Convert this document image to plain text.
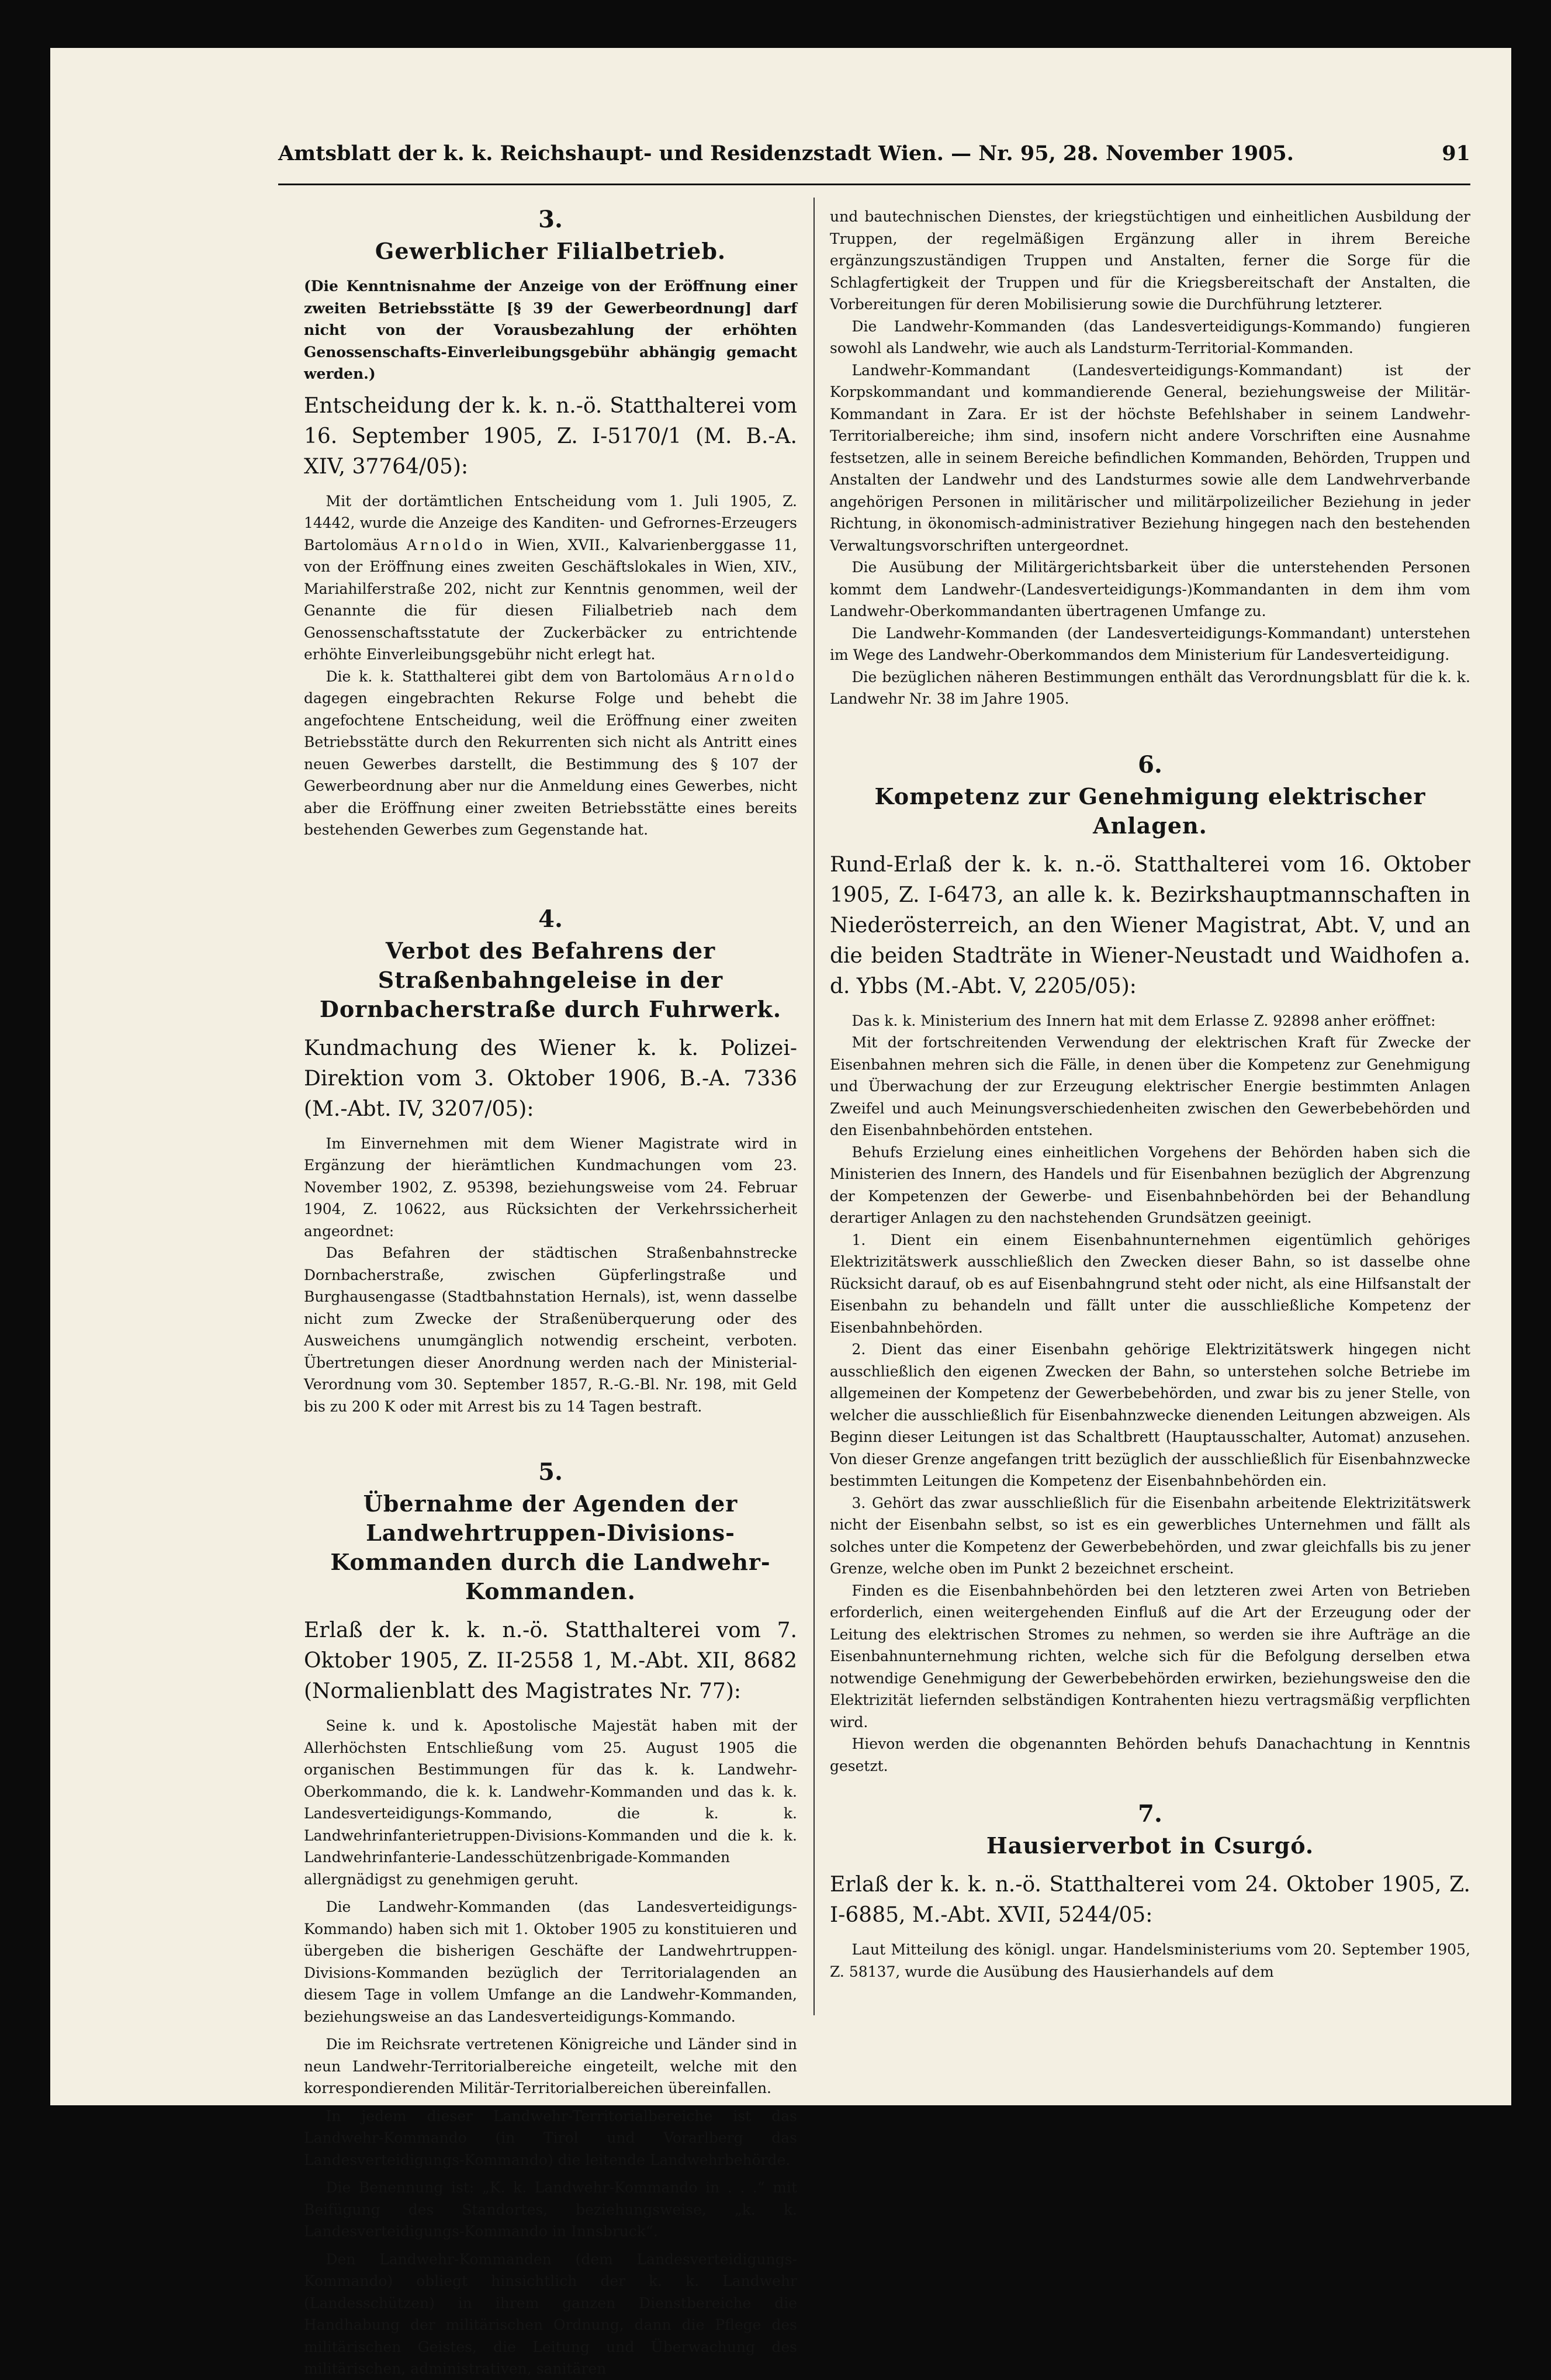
Amtsblatt der k. k. Reichshaupt- und Residenzstadt Wien. — Nr. 95, 28. November 1905.	91
3.
Gewerblicher Filialbetrieb.

(Die Kenntnisnahme der Anzeige von der Eröffnung einer zweiten Betriebsstätte [§ 39 der Gewerbeordnung] darf nicht von der Vorausbezahlung der erhöhten Genossenschafts-Einverleibungsgebühr abhängig gemacht werden.)

Entscheidung der k. k. n.-ö. Statthalterei vom 16. September 1905, Z. I-5170/1 (M. B.-A. XIV, 37764/05):

Mit der dortämtlichen Entscheidung vom 1. Juli 1905, Z. 14442, wurde die Anzeige des Kanditen- und Gefrornes-Erzeugers Bartolomäus Arnoldo in Wien, XVII., Kalvarienberggasse 11, von der Eröffnung eines zweiten Geschäftslokales in Wien, XIV., Mariahilferstraße 202, nicht zur Kenntnis genommen, weil der Genannte die für diesen Filialbetrieb nach dem Genossenschaftsstatute der Zuckerbäcker zu entrichtende erhöhte Einverleibungsgebühr nicht erlegt hat.

Die k. k. Statthalterei gibt dem von Bartolomäus Arnoldo dagegen eingebrachten Rekurse Folge und behebt die angefochtene Entscheidung, weil die Eröffnung einer zweiten Betriebsstätte durch den Rekurrenten sich nicht als Antritt eines neuen Gewerbes darstellt, die Bestimmung des § 107 der Gewerbeordnung aber nur die Anmeldung eines Gewerbes, nicht aber die Eröffnung einer zweiten Betriebsstätte eines bereits bestehenden Gewerbes zum Gegenstande hat.

4.
Verbot des Befahrens der Straßenbahngeleise in der Dornbacherstraße durch Fuhrwerk.

Kundmachung des Wiener k. k. Polizei-Direktion vom 3. Oktober 1906, B.-A. 7336 (M.-Abt. IV, 3207/05):

Im Einvernehmen mit dem Wiener Magistrate wird in Ergänzung der hierämtlichen Kundmachungen vom 23. November 1902, Z. 95398, beziehungsweise vom 24. Februar 1904, Z. 10622, aus Rücksichten der Verkehrssicherheit angeordnet:

Das Befahren der städtischen Straßenbahnstrecke Dornbacherstraße, zwischen Güpferlingstraße und Burghausengasse (Stadtbahnstation Hernals), ist, wenn dasselbe nicht zum Zwecke der Straßenüberquerung oder des Ausweichens unumgänglich notwendig erscheint, verboten. Übertretungen dieser Anordnung werden nach der Ministerial-Verordnung vom 30. September 1857, R.-G.-Bl. Nr. 198, mit Geld bis zu 200 K oder mit Arrest bis zu 14 Tagen bestraft.

5.
Übernahme der Agenden der Landwehrtruppen-Divisions-Kommanden durch die Landwehr-Kommanden.

Erlaß der k. k. n.-ö. Statthalterei vom 7. Oktober 1905, Z. II-2558 1, M.-Abt. XII, 8682 (Normalienblatt des Magistrates Nr. 77):

Seine k. und k. Apostolische Majestät haben mit der Allerhöchsten Entschließung vom 25. August 1905 die organischen Bestimmungen für das k. k. Landwehr-Oberkommando, die k. k. Landwehr-Kommanden und das k. k. Landesverteidigungs-Kommando, die k. k. Landwehrinfanterietruppen-Divisions-Kommanden und die k. k. Landwehrinfanterie-Landesschützenbrigade-Kommanden allergnädigst zu genehmigen geruht.

Die Landwehr-Kommanden (das Landesverteidigungs-Kommando) haben sich mit 1. Oktober 1905 zu konstituieren und übergeben die bisherigen Geschäfte der Landwehrtruppen-Divisions-Kommanden bezüglich der Territorialagenden an diesem Tage in vollem Umfange an die Landwehr-Kommanden, beziehungsweise an das Landesverteidigungs-Kommando.

Die im Reichsrate vertretenen Königreiche und Länder sind in neun Landwehr-Territorialbereiche eingeteilt, welche mit den korrespondierenden Militär-Territorialbereichen übereinfallen.

In jedem dieser Landwehr-Territorialbereiche ist das Landwehr-Kommando (in Tirol und Vorarlberg das Landesverteidigungs-Kommando) die leitende Landwehrbehörde.

Die Benennung ist: „K. k. Landwehr-Kommando in . . .“ mit Beifügung des Standortes, beziehungsweise, „k. k. Landesverteidigungs-Kommando in Innsbruck“.

Den Landwehr-Kommanden (dem Landesverteidigungs-Kommando) obliegt hinsichtlich der k. k. Landwehr (Landesschützen) in ihrem ganzen Dienstbereiche die Handhabung der militärischen Ordnung, dann die Pflege des militärischen Geistes, die Leitung und Überwachung des militärischen, administrativen, sanitären

und bautechnischen Dienstes, der kriegstüchtigen und einheitlichen Ausbildung der Truppen, der regelmäßigen Ergänzung aller in ihrem Bereiche ergänzungszuständigen Truppen und Anstalten, ferner die Sorge für die Schlagfertigkeit der Truppen und für die Kriegsbereitschaft der Anstalten, die Vorbereitungen für deren Mobilisierung sowie die Durchführung letzterer.

Die Landwehr-Kommanden (das Landesverteidigungs-Kommando) fungieren sowohl als Landwehr, wie auch als Landsturm-Territorial-Kommanden.

Landwehr-Kommandant (Landesverteidigungs-Kommandant) ist der Korpskommandant und kommandierende General, beziehungsweise der Militär-Kommandant in Zara. Er ist der höchste Befehlshaber in seinem Landwehr-Territorialbereiche; ihm sind, insofern nicht andere Vorschriften eine Ausnahme festsetzen, alle in seinem Bereiche befindlichen Kommanden, Behörden, Truppen und Anstalten der Landwehr und des Landsturmes sowie alle dem Landwehrverbande angehörigen Personen in militärischer und militärpolizeilicher Beziehung in jeder Richtung, in ökonomisch-administrativer Beziehung hingegen nach den bestehenden Verwaltungsvorschriften untergeordnet.

Die Ausübung der Militärgerichtsbarkeit über die unterstehenden Personen kommt dem Landwehr-(Landesverteidigungs-)Kommandanten in dem ihm vom Landwehr-Oberkommandanten übertragenen Umfange zu.

Die Landwehr-Kommanden (der Landesverteidigungs-Kommandant) unterstehen im Wege des Landwehr-Oberkommandos dem Ministerium für Landesverteidigung.

Die bezüglichen näheren Bestimmungen enthält das Verordnungsblatt für die k. k. Landwehr Nr. 38 im Jahre 1905.

6.
Kompetenz zur Genehmigung elektrischer Anlagen.

Rund-Erlaß der k. k. n.-ö. Statthalterei vom 16. Oktober 1905, Z. I-6473, an alle k. k. Bezirkshauptmannschaften in Niederösterreich, an den Wiener Magistrat, Abt. V, und an die beiden Stadträte in Wiener-Neustadt und Waidhofen a. d. Ybbs (M.-Abt. V, 2205/05):

Das k. k. Ministerium des Innern hat mit dem Erlasse Z. 92898 anher eröffnet:

Mit der fortschreitenden Verwendung der elektrischen Kraft für Zwecke der Eisenbahnen mehren sich die Fälle, in denen über die Kompetenz zur Genehmigung und Überwachung der zur Erzeugung elektrischer Energie bestimmten Anlagen Zweifel und auch Meinungsverschiedenheiten zwischen den Gewerbebehörden und den Eisenbahnbehörden entstehen.

Behufs Erzielung eines einheitlichen Vorgehens der Behörden haben sich die Ministerien des Innern, des Handels und für Eisenbahnen bezüglich der Abgrenzung der Kompetenzen der Gewerbe- und Eisenbahnbehörden bei der Behandlung derartiger Anlagen zu den nachstehenden Grundsätzen geeinigt.

1. Dient ein einem Eisenbahnunternehmen eigentümlich gehöriges Elektrizitätswerk ausschließlich den Zwecken dieser Bahn, so ist dasselbe ohne Rücksicht darauf, ob es auf Eisenbahngrund steht oder nicht, als eine Hilfsanstalt der Eisenbahn zu behandeln und fällt unter die ausschließliche Kompetenz der Eisenbahnbehörden.

2. Dient das einer Eisenbahn gehörige Elektrizitätswerk hingegen nicht ausschließlich den eigenen Zwecken der Bahn, so unterstehen solche Betriebe im allgemeinen der Kompetenz der Gewerbebehörden, und zwar bis zu jener Stelle, von welcher die ausschließlich für Eisenbahnzwecke dienenden Leitungen abzweigen. Als Beginn dieser Leitungen ist das Schaltbrett (Hauptausschalter, Automat) anzusehen. Von dieser Grenze angefangen tritt bezüglich der ausschließlich für Eisenbahnzwecke bestimmten Leitungen die Kompetenz der Eisenbahnbehörden ein.

3. Gehört das zwar ausschließlich für die Eisenbahn arbeitende Elektrizitätswerk nicht der Eisenbahn selbst, so ist es ein gewerbliches Unternehmen und fällt als solches unter die Kompetenz der Gewerbebehörden, und zwar gleichfalls bis zu jener Grenze, welche oben im Punkt 2 bezeichnet erscheint.

Finden es die Eisenbahnbehörden bei den letzteren zwei Arten von Betrieben erforderlich, einen weitergehenden Einfluß auf die Art der Erzeugung oder der Leitung des elektrischen Stromes zu nehmen, so werden sie ihre Aufträge an die Eisenbahnunternehmung richten, welche sich für die Befolgung derselben etwa notwendige Genehmigung der Gewerbebehörden erwirken, beziehungsweise den die Elektrizität liefernden selbständigen Kontrahenten hiezu vertragsmäßig verpflichten wird.

Hievon werden die obgenannten Behörden behufs Danachachtung in Kenntnis gesetzt.

7.
Hausierverbot in Csurgó.

Erlaß der k. k. n.-ö. Statthalterei vom 24. Oktober 1905, Z. I-6885, M.-Abt. XVII, 5244/05:

Laut Mitteilung des königl. ungar. Handelsministeriums vom 20. September 1905, Z. 58137, wurde die Ausübung des Hausierhandels auf dem
